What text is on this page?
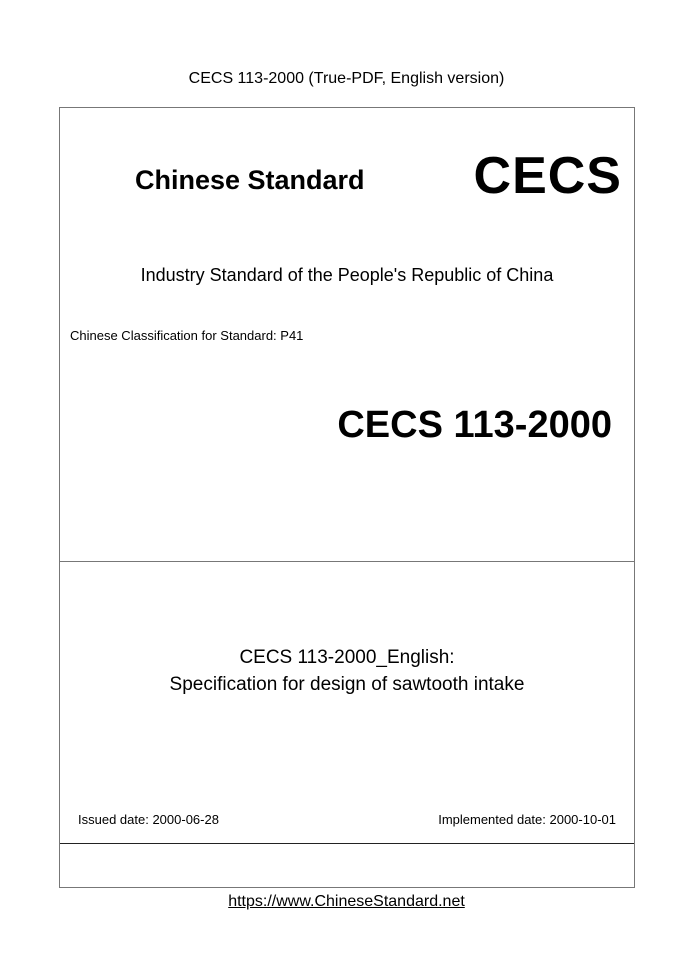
CECS 113-2000 (True-PDF, English version)
Chinese Standard CECS
Industry Standard of the People's Republic of China
Chinese Classification for Standard: P41
CECS 113-2000
CECS 113-2000_English:
Specification for design of sawtooth intake
Issued date: 2000-06-28	Implemented date: 2000-10-01
https://www.ChineseStandard.net
